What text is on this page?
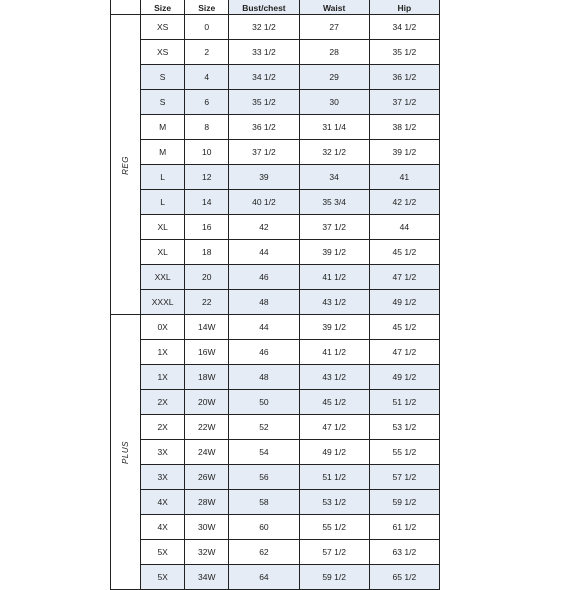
	Size	Size	Bust/chest	Waist	Hip
REG	XS	0	32 1/2	27	34 1/2
	XS	2	33 1/2	28	35 1/2
	S	4	34 1/2	29	36 1/2
	S	6	35 1/2	30	37 1/2
	M	8	36 1/2	31 1/4	38 1/2
	M	10	37 1/2	32 1/2	39 1/2
	L	12	39	34	41
	L	14	40 1/2	35 3/4	42 1/2
	XL	16	42	37 1/2	44
	XL	18	44	39 1/2	45 1/2
	XXL	20	46	41 1/2	47 1/2
	XXXL	22	48	43 1/2	49 1/2
PLUS	0X	14W	44	39 1/2	45 1/2
	1X	16W	46	41 1/2	47 1/2
	1X	18W	48	43 1/2	49 1/2
	2X	20W	50	45 1/2	51 1/2
	2X	22W	52	47 1/2	53 1/2
	3X	24W	54	49 1/2	55 1/2
	3X	26W	56	51 1/2	57 1/2
	4X	28W	58	53 1/2	59 1/2
	4X	30W	60	55 1/2	61 1/2
	5X	32W	62	57 1/2	63 1/2
	5X	34W	64	59 1/2	65 1/2
